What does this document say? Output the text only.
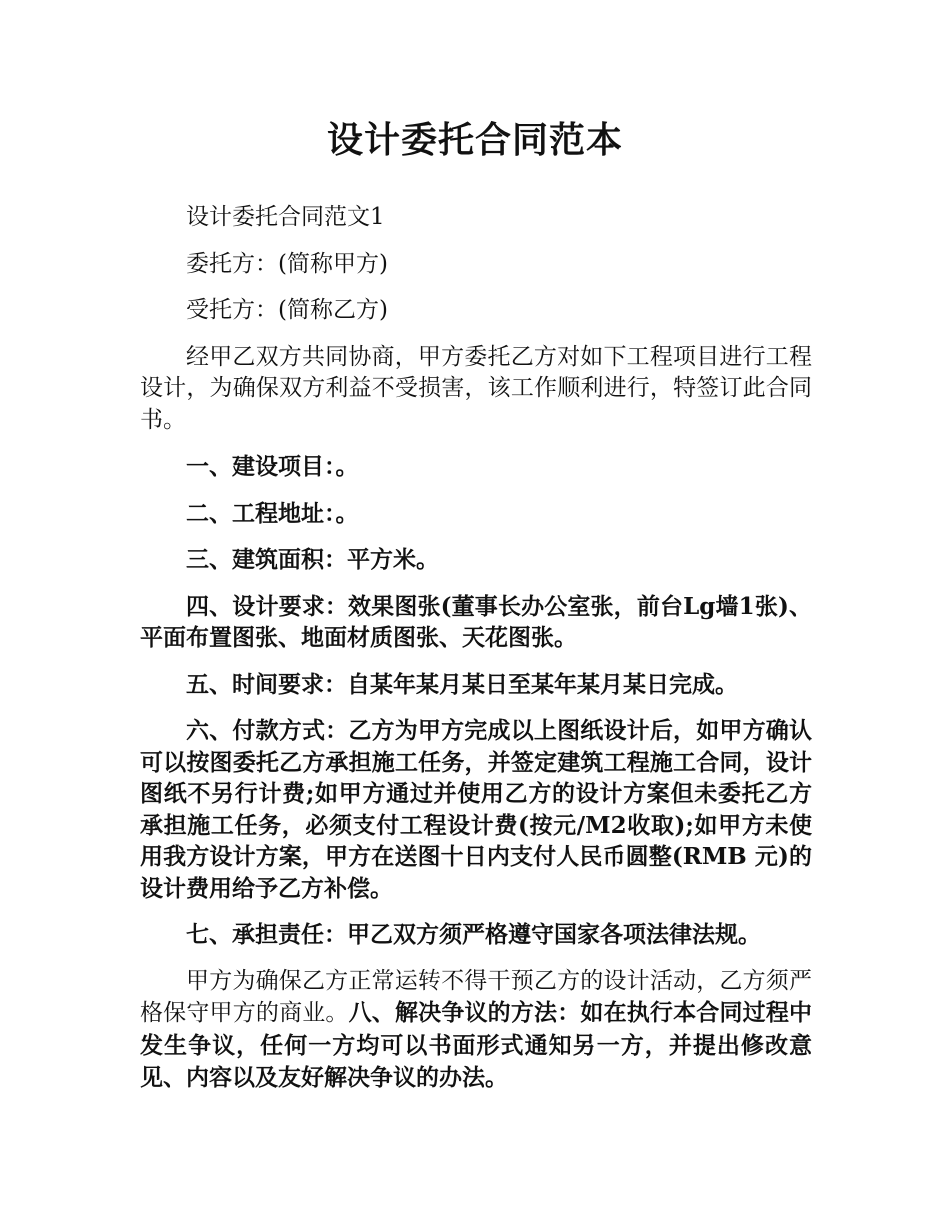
设计委托合同范本

设计委托合同范文1

委托方：(简称甲方)

受托方：(简称乙方)

经甲乙双方共同协商，甲方委托乙方对如下工程项目进行工程设计，为确保双方利益不受损害，该工作顺利进行，特签订此合同书。

一、建设项目：。

二、工程地址：。

三、建筑面积：平方米。

四、设计要求：效果图张(董事长办公室张，前台Lg墙1张)、平面布置图张、地面材质图张、天花图张。

五、时间要求：自某年某月某日至某年某月某日完成。

六、付款方式：乙方为甲方完成以上图纸设计后，如甲方确认可以按图委托乙方承担施工任务，并签定建筑工程施工合同，设计图纸不另行计费;如甲方通过并使用乙方的设计方案但未委托乙方承担施工任务，必须支付工程设计费(按元/M2收取);如甲方未使用我方设计方案，甲方在送图十日内支付人民币圆整(RMB 元)的设计费用给予乙方补偿。

七、承担责任：甲乙双方须严格遵守国家各项法律法规。

甲方为确保乙方正常运转不得干预乙方的设计活动，乙方须严格保守甲方的商业。八、解决争议的方法：如在执行本合同过程中发生争议，任何一方均可以书面形式通知另一方，并提出修改意见、内容以及友好解决争议的办法。
